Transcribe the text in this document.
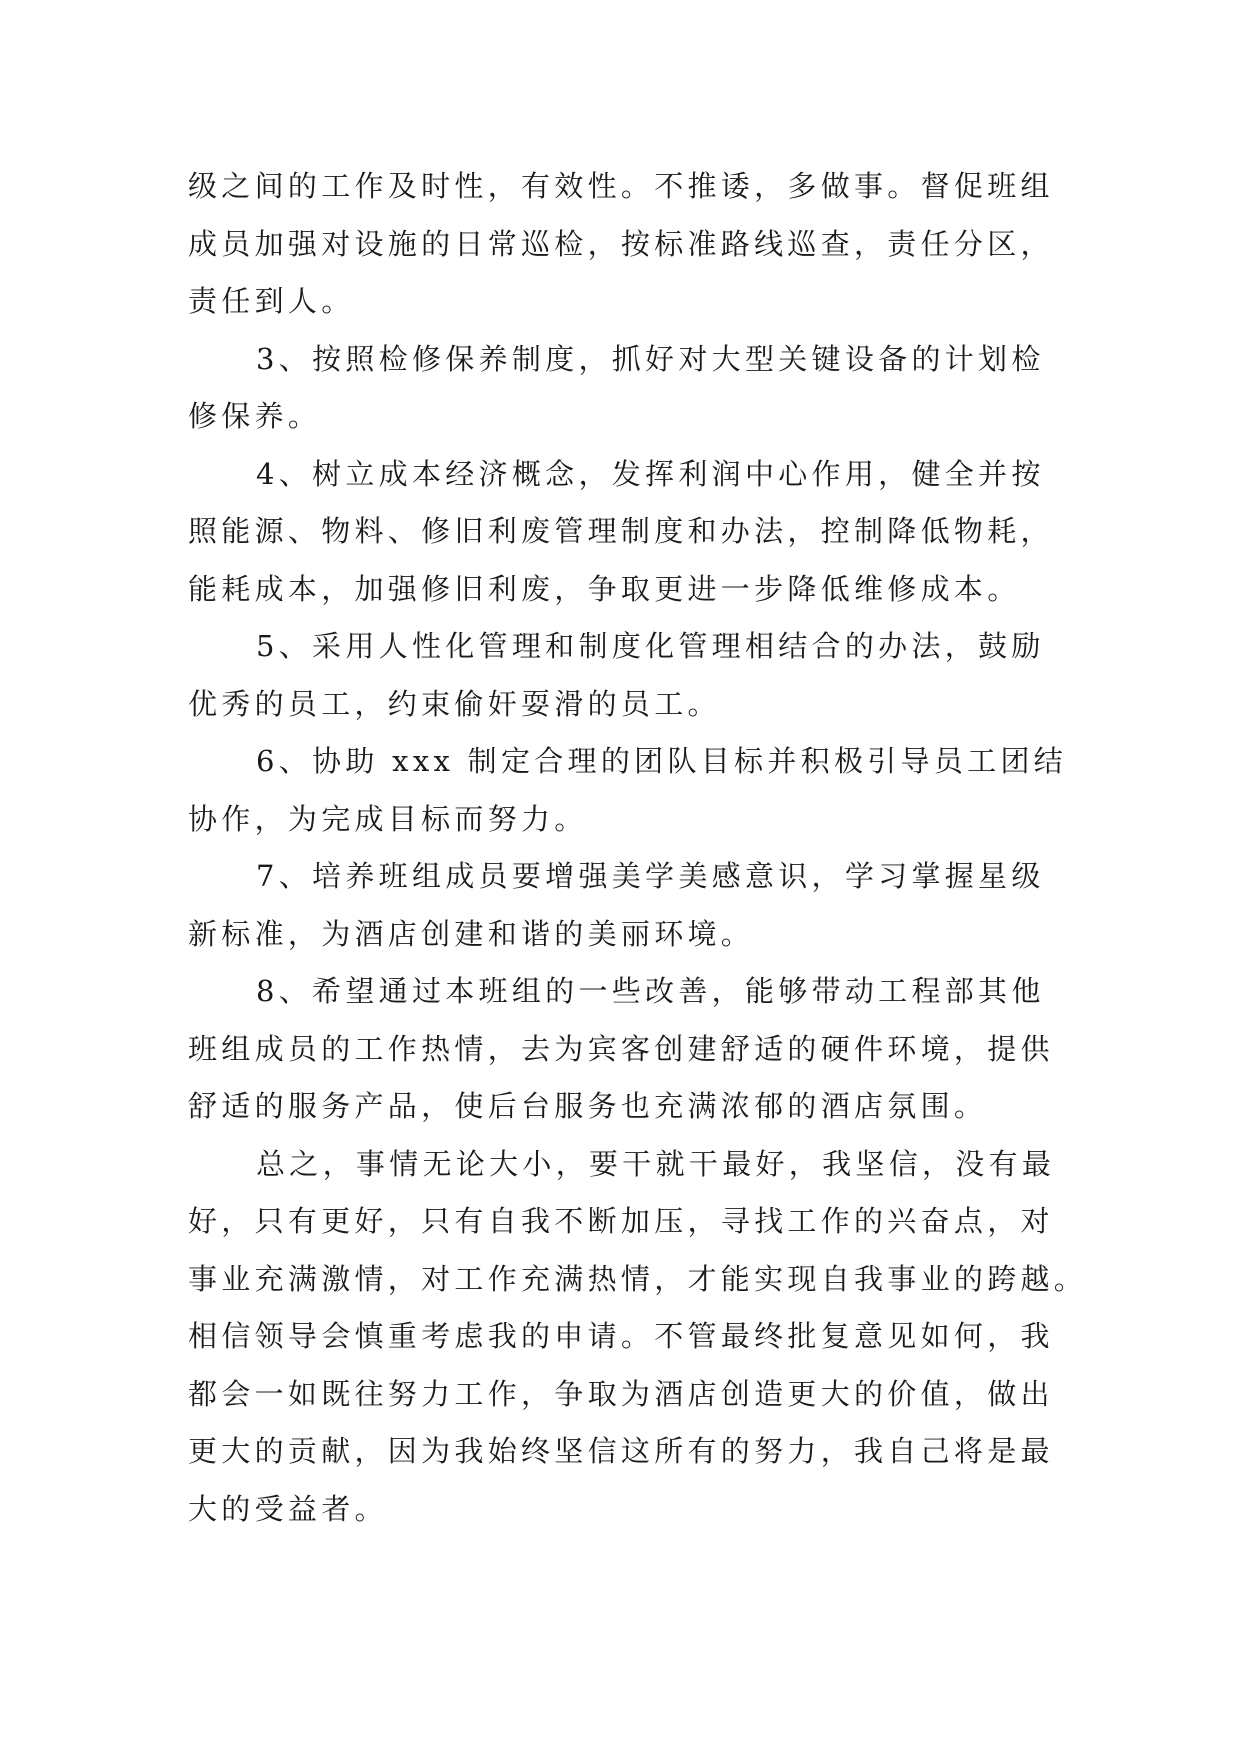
级之间的工作及时性，有效性。不推诿，多做事。督促班组
成员加强对设施的日常巡检，按标准路线巡查，责任分区，
责任到人。
3、按照检修保养制度，抓好对大型关键设备的计划检
修保养。
4、树立成本经济概念，发挥利润中心作用，健全并按
照能源、物料、修旧利废管理制度和办法，控制降低物耗，
能耗成本，加强修旧利废，争取更进一步降低维修成本。
5、采用人性化管理和制度化管理相结合的办法，鼓励
优秀的员工，约束偷奸耍滑的员工。
6、协助 xxx 制定合理的团队目标并积极引导员工团结
协作，为完成目标而努力。
7、培养班组成员要增强美学美感意识，学习掌握星级
新标准，为酒店创建和谐的美丽环境。
8、希望通过本班组的一些改善，能够带动工程部其他
班组成员的工作热情，去为宾客创建舒适的硬件环境，提供
舒适的服务产品，使后台服务也充满浓郁的酒店氛围。
总之，事情无论大小，要干就干最好，我坚信，没有最
好，只有更好，只有自我不断加压，寻找工作的兴奋点，对
事业充满激情，对工作充满热情，才能实现自我事业的跨越。
相信领导会慎重考虑我的申请。不管最终批复意见如何，我
都会一如既往努力工作，争取为酒店创造更大的价值，做出
更大的贡献，因为我始终坚信这所有的努力，我自己将是最
大的受益者。
